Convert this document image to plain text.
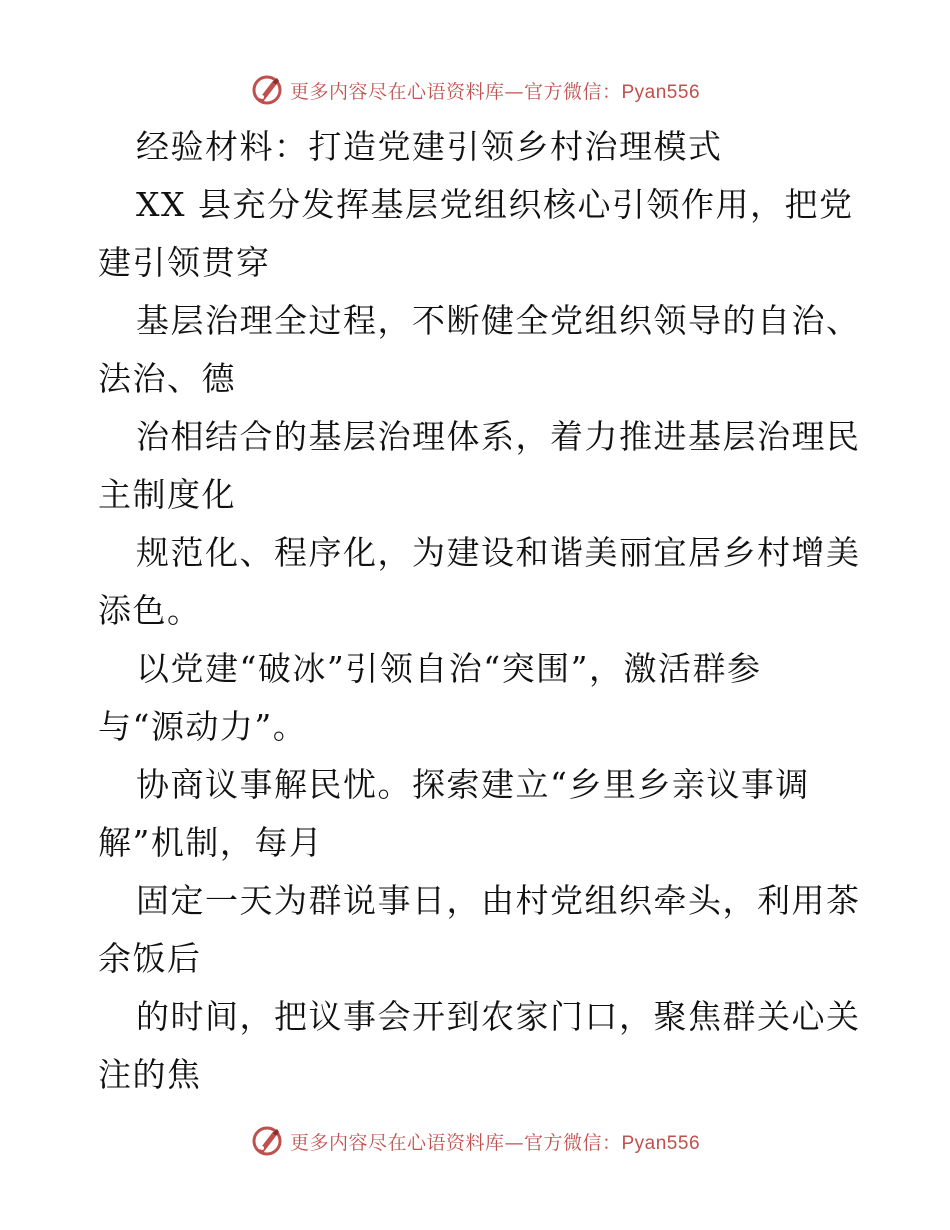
更多内容尽在心语资料库—官方微信：Pyan556
经验材料：打造党建引领乡村治理模式
XX 县充分发挥基层党组织核心引领作用，把党
建引领贯穿
基层治理全过程，不断健全党组织领导的自治、
法治、德
治相结合的基层治理体系，着力推进基层治理民
主制度化
规范化、程序化，为建设和谐美丽宜居乡村增美
添色。
以党建“破冰”引领自治“突围”，激活群参
与“源动力”。
协商议事解民忧。探索建立“乡里乡亲议事调
解”机制，每月
固定一天为群说事日，由村党组织牵头，利用茶
余饭后
的时间，把议事会开到农家门口，聚焦群关心关
注的焦
更多内容尽在心语资料库—官方微信：Pyan556
